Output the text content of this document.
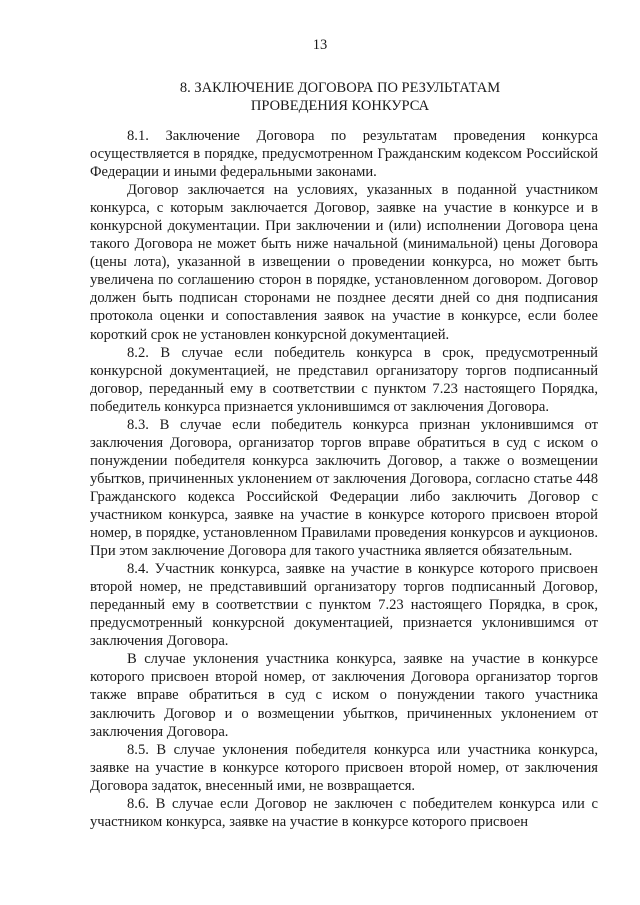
13
8. ЗАКЛЮЧЕНИЕ ДОГОВОРА ПО РЕЗУЛЬТАТАМ
ПРОВЕДЕНИЯ КОНКУРСА

8.1. Заключение Договора по результатам проведения конкурса осуществляется в порядке, предусмотренном Гражданским кодексом Российской Федерации и иными федеральными законами.

Договор заключается на условиях, указанных в поданной участником конкурса, с которым заключается Договор, заявке на участие в конкурсе и в конкурсной документации. При заключении и (или) исполнении Договора цена такого Договора не может быть ниже начальной (минимальной) цены Договора (цены лота), указанной в извещении о проведении конкурса, но может быть увеличена по соглашению сторон в порядке, установленном договором. Договор должен быть подписан сторонами не позднее десяти дней со дня подписания протокола оценки и сопоставления заявок на участие в конкурсе, если более короткий срок не установлен конкурсной документацией.

8.2. В случае если победитель конкурса в срок, предусмотренный конкурсной документацией, не представил организатору торгов подписанный договор, переданный ему в соответствии с пунктом 7.23 настоящего Порядка, победитель конкурса признается уклонившимся от заключения Договора.

8.3. В случае если победитель конкурса признан уклонившимся от заключения Договора, организатор торгов вправе обратиться в суд с иском о понуждении победителя конкурса заключить Договор, а также о возмещении убытков, причиненных уклонением от заключения Договора, согласно статье 448 Гражданского кодекса Российской Федерации либо заключить Договор с участником конкурса, заявке на участие в конкурсе которого присвоен второй номер, в порядке, установленном Правилами проведения конкурсов и аукционов. При этом заключение Договора для такого участника является обязательным.

8.4. Участник конкурса, заявке на участие в конкурсе которого присвоен второй номер, не представивший организатору торгов подписанный Договор, переданный ему в соответствии с пунктом 7.23 настоящего Порядка, в срок, предусмотренный конкурсной документацией, признается уклонившимся от заключения Договора.

В случае уклонения участника конкурса, заявке на участие в конкурсе которого присвоен второй номер, от заключения Договора организатор торгов также вправе обратиться в суд с иском о понуждении такого участника заключить Договор и о возмещении убытков, причиненных уклонением от заключения Договора.

8.5. В случае уклонения победителя конкурса или участника конкурса, заявке на участие в конкурсе которого присвоен второй номер, от заключения Договора задаток, внесенный ими, не возвращается.

8.6. В случае если Договор не заключен с победителем конкурса или с участником конкурса, заявке на участие в конкурсе которого присвоен
